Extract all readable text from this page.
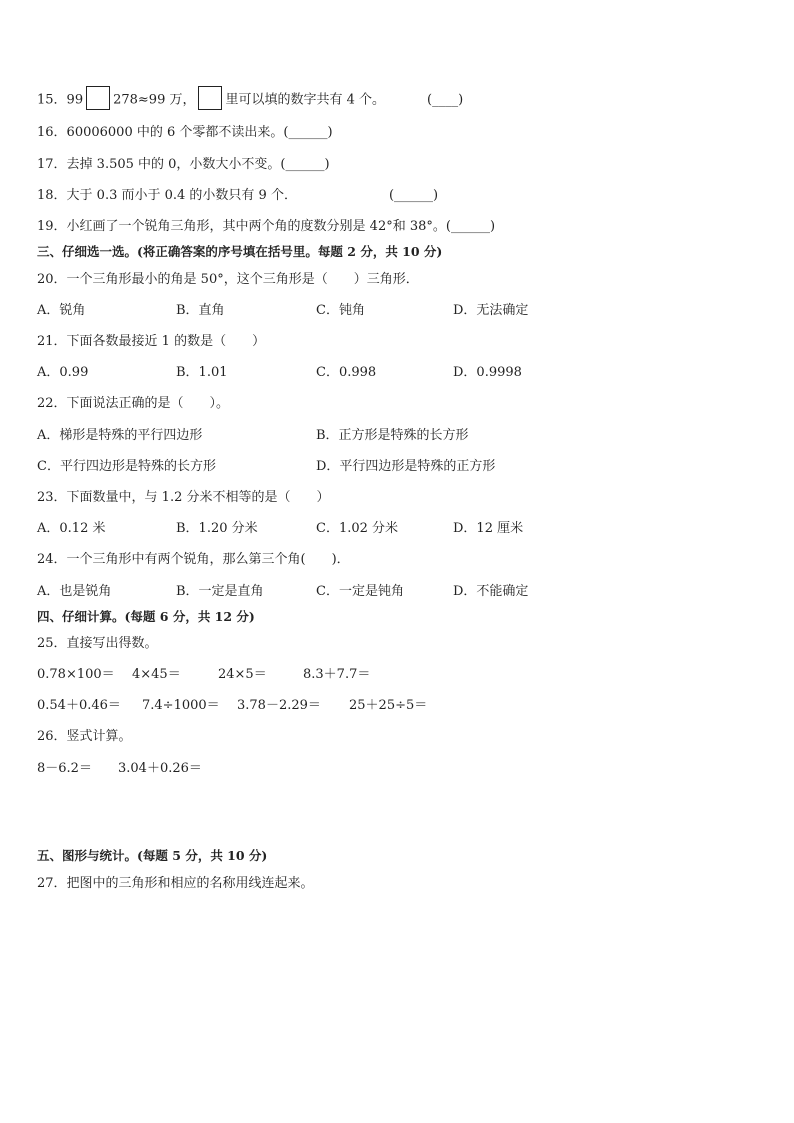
15．99 278≈99 万， 里可以填的数字共有 4 个。	(____)
16．60006000 中的 6 个零都不读出来。(______)
17．去掉 3.505 中的 0，小数大小不变。(______)
18．大于 0.3 而小于 0.4 的小数只有 9 个．	(______)
19．小红画了一个锐角三角形，其中两个角的度数分别是 42°和 38°。(______)
三、仔细选一选。(将正确答案的序号填在括号里。每题 2 分，共 10 分)
20．一个三角形最小的角是 50°，这个三角形是（　　）三角形．
A．锐角	B．直角	C．钝角	D．无法确定
21．下面各数最接近 1 的数是（　　）
A．0.99	B．1.01	C．0.998	D．0.9998
22．下面说法正确的是（　　）。
A．梯形是特殊的平行四边形	B．正方形是特殊的长方形
C．平行四边形是特殊的长方形	D．平行四边形是特殊的正方形
23．下面数量中，与 1.2 分米不相等的是（　　）
A．0.12 米	B．1.20 分米	C．1.02 分米	D．12 厘米
24．一个三角形中有两个锐角，那么第三个角(　　)．
A．也是锐角	B．一定是直角	C．一定是钝角	D．不能确定
四、仔细计算。(每题 6 分，共 12 分)
25．直接写出得数。
0.78×100＝ 4×45＝	24×5＝	8.3＋7.7＝
0.54＋0.46＝ 7.4÷1000＝ 3.78－2.29＝ 25＋25÷5＝
26．竖式计算。
8－6.2＝ 3.04＋0.26＝
五、图形与统计。(每题 5 分，共 10 分)
27．把图中的三角形和相应的名称用线连起来。
